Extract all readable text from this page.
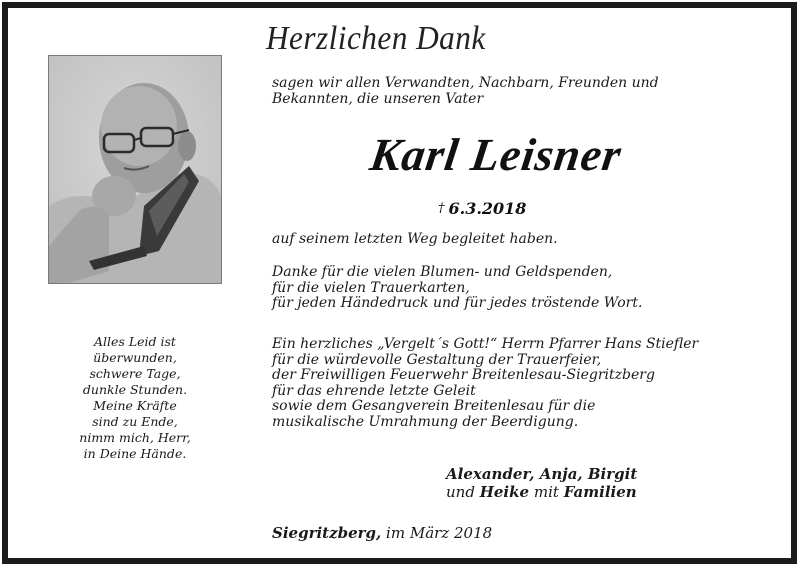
Alles Leid ist
überwunden,
schwere Tage,
dunkle Stunden.
Meine Kräfte
sind zu Ende,
nimm mich, Herr,
in Deine Hände.
Herzlichen Dank
sagen wir allen Verwandten, Nachbarn, Freunden und
Bekannten, die unseren Vater
Karl Leisner
† 6.3.2018
auf seinem letzten Weg begleitet haben.
Danke für die vielen Blumen- und Geldspenden,
für die vielen Trauerkarten,
für jeden Händedruck und für jedes tröstende Wort.
Ein herzliches „Vergelt´s Gott!“ Herrn Pfarrer Hans Stiefler
für die würdevolle Gestaltung der Trauerfeier,
der Freiwilligen Feuerwehr Breitenlesau-Siegritzberg
für das ehrende letzte Geleit
sowie dem Gesangverein Breitenlesau für die
musikalische Umrahmung der Beerdigung.
Alexander, Anja, Birgit
und Heike mit Familien
Siegritzberg, im März 2018
